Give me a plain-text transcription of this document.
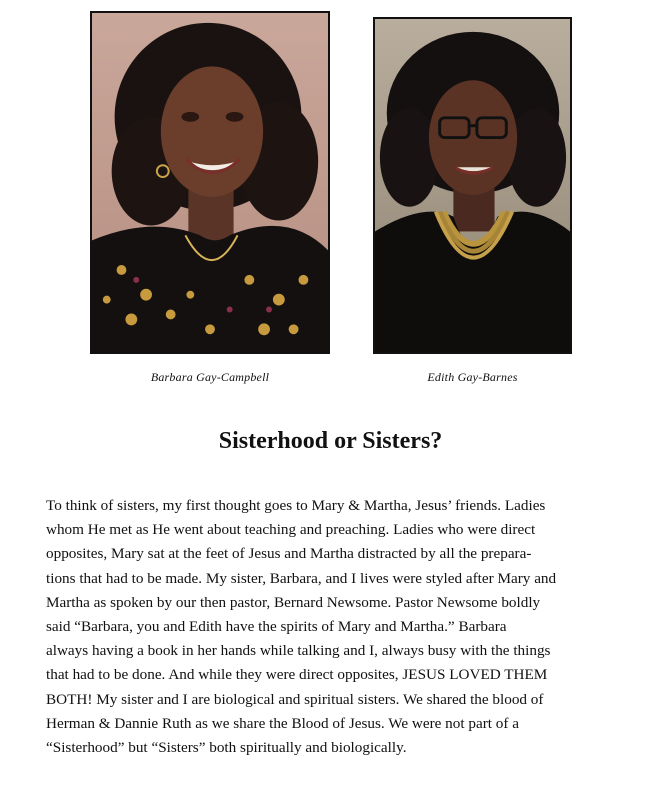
Barbara Gay-Campbell	Edith Gay-Barnes
Sisterhood or Sisters?
To think of sisters, my first thought goes to Mary & Martha, Jesus’ friends. Ladies
whom He met as He went about teaching and preaching. Ladies who were direct
opposites, Mary sat at the feet of Jesus and Martha distracted by all the prepara-
tions that had to be made. My sister, Barbara, and I lives were styled after Mary and
Martha as spoken by our then pastor, Bernard Newsome. Pastor Newsome boldly
said “Barbara, you and Edith have the spirits of Mary and Martha.” Barbara
always having a book in her hands while talking and I, always busy with the things
that had to be done. And while they were direct opposites, JESUS LOVED THEM
BOTH! My sister and I are biological and spiritual sisters. We shared the blood of
Herman & Dannie Ruth as we share the Blood of Jesus. We were not part of a
“Sisterhood” but “Sisters” both spiritually and biologically.
